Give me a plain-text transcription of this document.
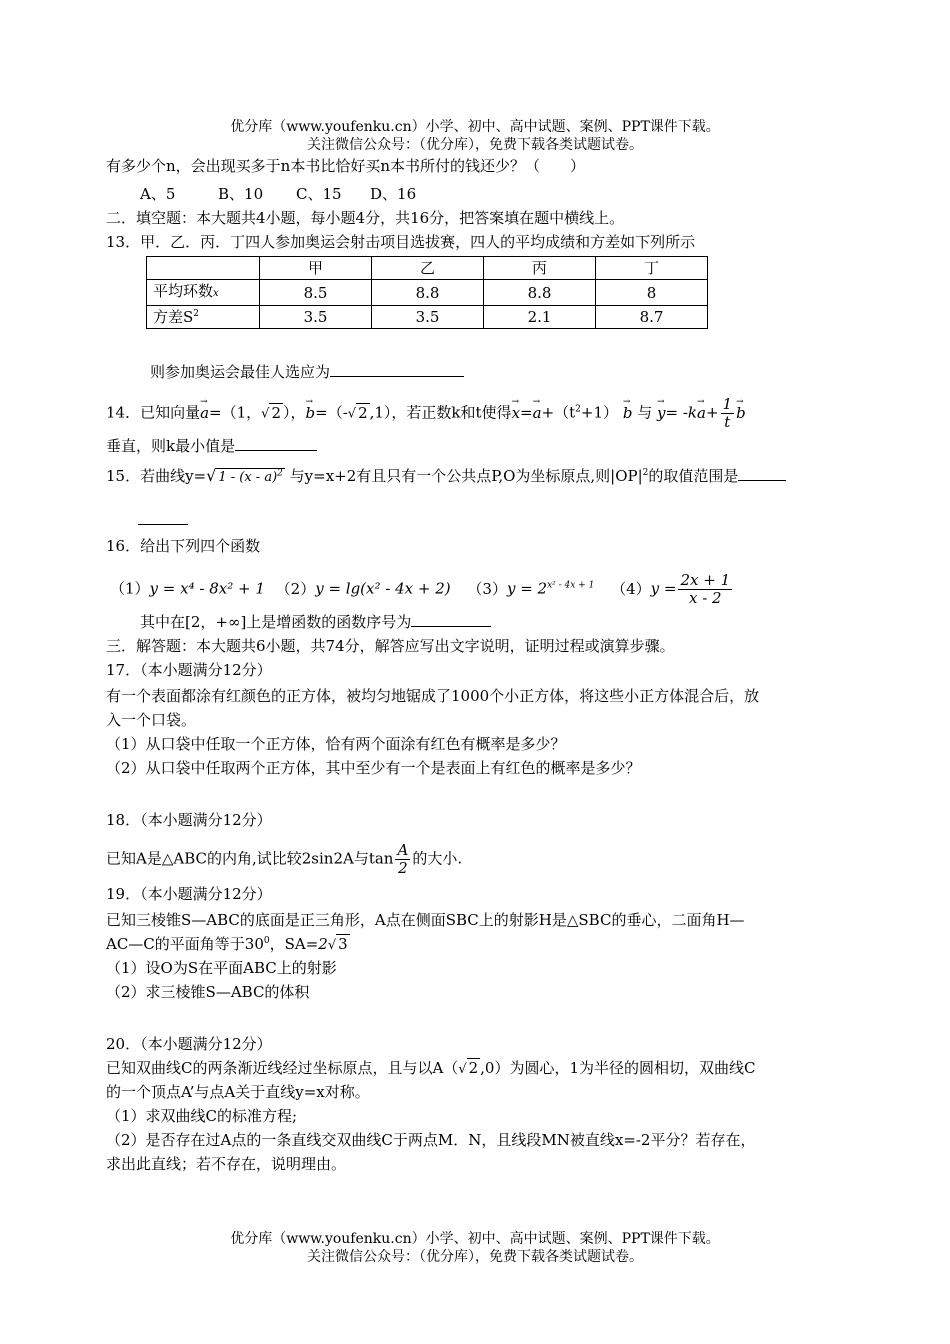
优分库（www.youfenku.cn）小学、初中、高中试题、案例、PPT课件下载。
关注微信公众号：（优分库），免费下载各类试题试卷。
有多少个n，会出现买多于n本书比恰好买n本书所付的钱还少？（　　）
A、5	B、10 C、15 D、16
二．填空题：本大题共4小题，每小题4分，共16分，把答案填在题中横线上。
13．甲．乙．丙．丁四人参加奥运会射击项目选拔赛，四人的平均成绩和方差如下列所示
	甲	乙	丙	丁
平均环数x	8.5	8.8	8.8	8
方差$S^2$	3.5	3.5	2.1	8.7
则参加奥运会最佳人选应为
14．已知向量→ a=（1，√ 2 ），→ b=（-√ 2 ,1），若正数k和t使得→ $x=\to a+(t^2+1) \to b$ 与 → $y= -k\to a+ \frac{1}{t} \to b$
垂直，则k最小值是
15．若曲线y=√ 1 - (x - a)$^2$ 与y=x+2有且只有一个公共点P,O为坐标原点,则$|OP|^2$的取值范围是
16．给出下列四个函数
（1）y = x⁴ - 8x² + 1 （2）y = lg(x² - 4x + 2) $(3)y = 2^{x^2 - 4x + 1}$ $(4)y = \frac{2x + 1}{x - 2}$
其中在[2，+∞]上是增函数的函数序号为
三．解答题：本大题共6小题，共74分，解答应写出文字说明，证明过程或演算步骤。
17．（本小题满分12分）
有一个表面都涂有红颜色的正方体，被均匀地锯成了1000个小正方体，将这些小正方体混合后，放
入一个口袋。
（1）从口袋中任取一个正方体，恰有两个面涂有红色有概率是多少？
（2）从口袋中任取两个正方体，其中至少有一个是表面上有红色的概率是多少？
18．（本小题满分12分）
已知A是△ABC的内角,试比较2sin2A与$\tan \frac{A}{2}$ 的大小.
19．（本小题满分12分）
已知三棱锥S—ABC的底面是正三角形，A点在侧面SBC上的射影H是△SBC的垂心，二面角H—
AC—C的平面角等于$30^0$，SA=2√ 3
（1）设O为S在平面ABC上的射影
（2）求三棱锥S—ABC的体积
20．（本小题满分12分）
已知双曲线C的两条渐近线经过坐标原点，且与以A（√ 2 ,0）为圆心，1为半径的圆相切，双曲线C
的一个顶点A’与点A关于直线y=x对称。
（1）求双曲线C的标准方程;
（2）是否存在过A点的一条直线交双曲线C于两点M．N，且线段MN被直线x=-2平分？若存在，
求出此直线；若不存在，说明理由。
优分库（www.youfenku.cn）小学、初中、高中试题、案例、PPT课件下载。
关注微信公众号：（优分库），免费下载各类试题试卷。
